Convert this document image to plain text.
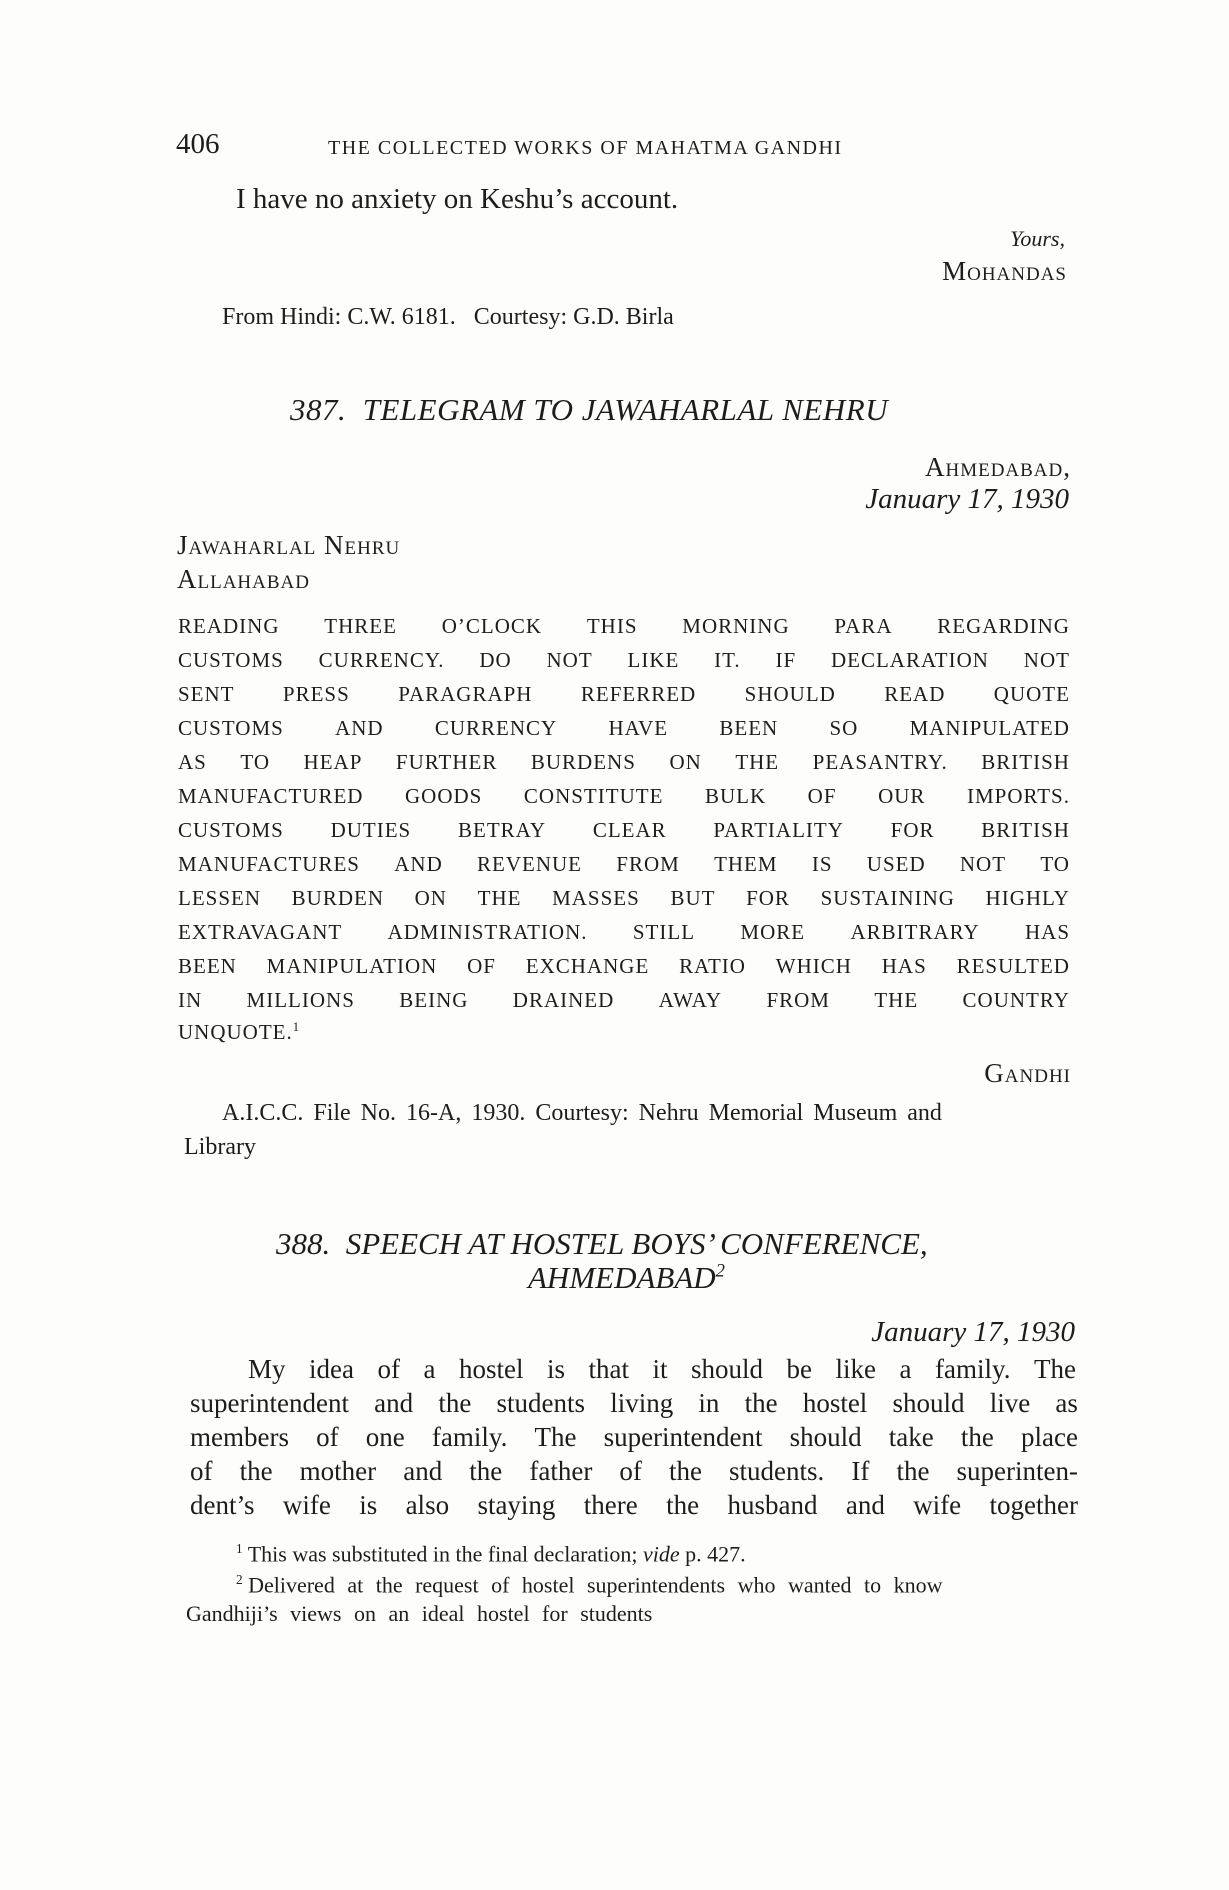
406	THE COLLECTED WORKS OF MAHATMA GANDHI
I have no anxiety on Keshu’s account.
Yours,
Mohandas
From Hindi: C.W. 6181.   Courtesy: G.D. Birla
387.  TELEGRAM TO JAWAHARLAL NEHRU
Ahmedabad,
January 17, 1930
Jawaharlal Nehru
Allahabad
READING THREE O’CLOCK THIS MORNING PARA REGARDING
CUSTOMS CURRENCY. DO NOT LIKE IT. IF DECLARATION NOT
SENT PRESS PARAGRAPH REFERRED SHOULD READ QUOTE
CUSTOMS AND CURRENCY HAVE BEEN SO MANIPULATED
AS TO HEAP FURTHER BURDENS ON THE PEASANTRY. BRITISH
MANUFACTURED GOODS CONSTITUTE BULK OF OUR IMPORTS.
CUSTOMS DUTIES BETRAY CLEAR PARTIALITY FOR BRITISH
MANUFACTURES AND REVENUE FROM THEM IS USED NOT TO
LESSEN BURDEN ON THE MASSES BUT FOR SUSTAINING HIGHLY
EXTRAVAGANT ADMINISTRATION. STILL MORE ARBITRARY HAS
BEEN MANIPULATION OF EXCHANGE RATIO WHICH HAS RESULTED
IN MILLIONS BEING DRAINED AWAY FROM THE COUNTRY
UNQUOTE.$^1$
Gandhi
A.I.C.C. File No. 16-A, 1930. Courtesy: Nehru Memorial Museum and
Library
388.  SPEECH AT HOSTEL BOYS’ CONFERENCE,
AHMEDABAD$^2$
January 17, 1930
My idea of a hostel is that it should be like a family. The
superintendent and the students living in the hostel should live as
members of one family. The superintendent should take the place
of the mother and the father of the students. If the superinten-
dent’s wife is also staying there the husband and wife together
$^1$ This was substituted in the final declaration; vide p. 427.
$^2$ Delivered at the request of hostel superintendents who wanted to know
Gandhiji’s views on an ideal hostel for students
